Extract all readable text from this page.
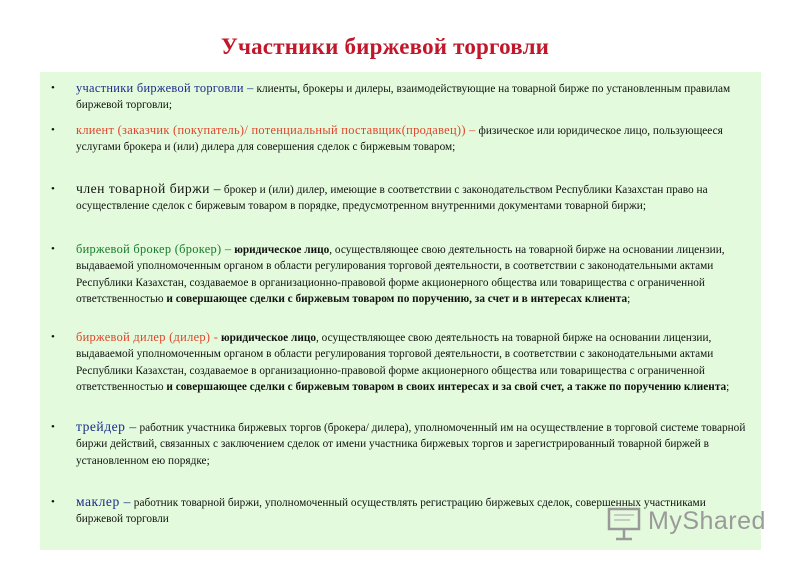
Участники биржевой торговли
• участники биржевой торговли – клиенты, брокеры и дилеры, взаимодействующие на товарной бирже по установленным правилам биржевой торговли;
• клиент (заказчик (покупатель)/ потенциальный поставщик(продавец)) – физическое или юридическое лицо, пользующееся услугами брокера и (или) дилера для совершения сделок с биржевым товаром;
• член товарной биржи – брокер и (или) дилер, имеющие в соответствии с законодательством Республики Казахстан право на осуществление сделок с биржевым товаром в порядке, предусмотренном внутренними документами товарной биржи;
• биржевой брокер (брокер) – юридическое лицо, осуществляющее свою деятельность на товарной бирже на основании лицензии, выдаваемой уполномоченным органом в области регулирования торговой деятельности, в соответствии с законодательными актами Республики Казахстан, создаваемое в организационно-правовой форме акционерного общества или товарищества с ограниченной ответственностью и совершающее сделки с биржевым товаром по поручению, за счет и в интересах клиента;
• биржевой дилер (дилер) - юридическое лицо, осуществляющее свою деятельность на товарной бирже на основании лицензии, выдаваемой уполномоченным органом в области регулирования торговой деятельности, в соответствии с законодательными актами Республики Казахстан, создаваемое в организационно-правовой форме акционерного общества или товарищества с ограниченной ответственностью и совершающее сделки с биржевым товаром в своих интересах и за свой счет, а также по поручению клиента;
• трейдер – работник участника биржевых торгов (брокера/ дилера), уполномоченный им на осуществление в торговой системе товарной биржи действий, связанных с заключением сделок от имени участника биржевых торгов и зарегистрированный товарной биржей в установленном ею порядке;
• маклер – работник товарной биржи, уполномоченный осуществлять регистрацию биржевых сделок, совершенных участниками биржевой торговли	MyShared
